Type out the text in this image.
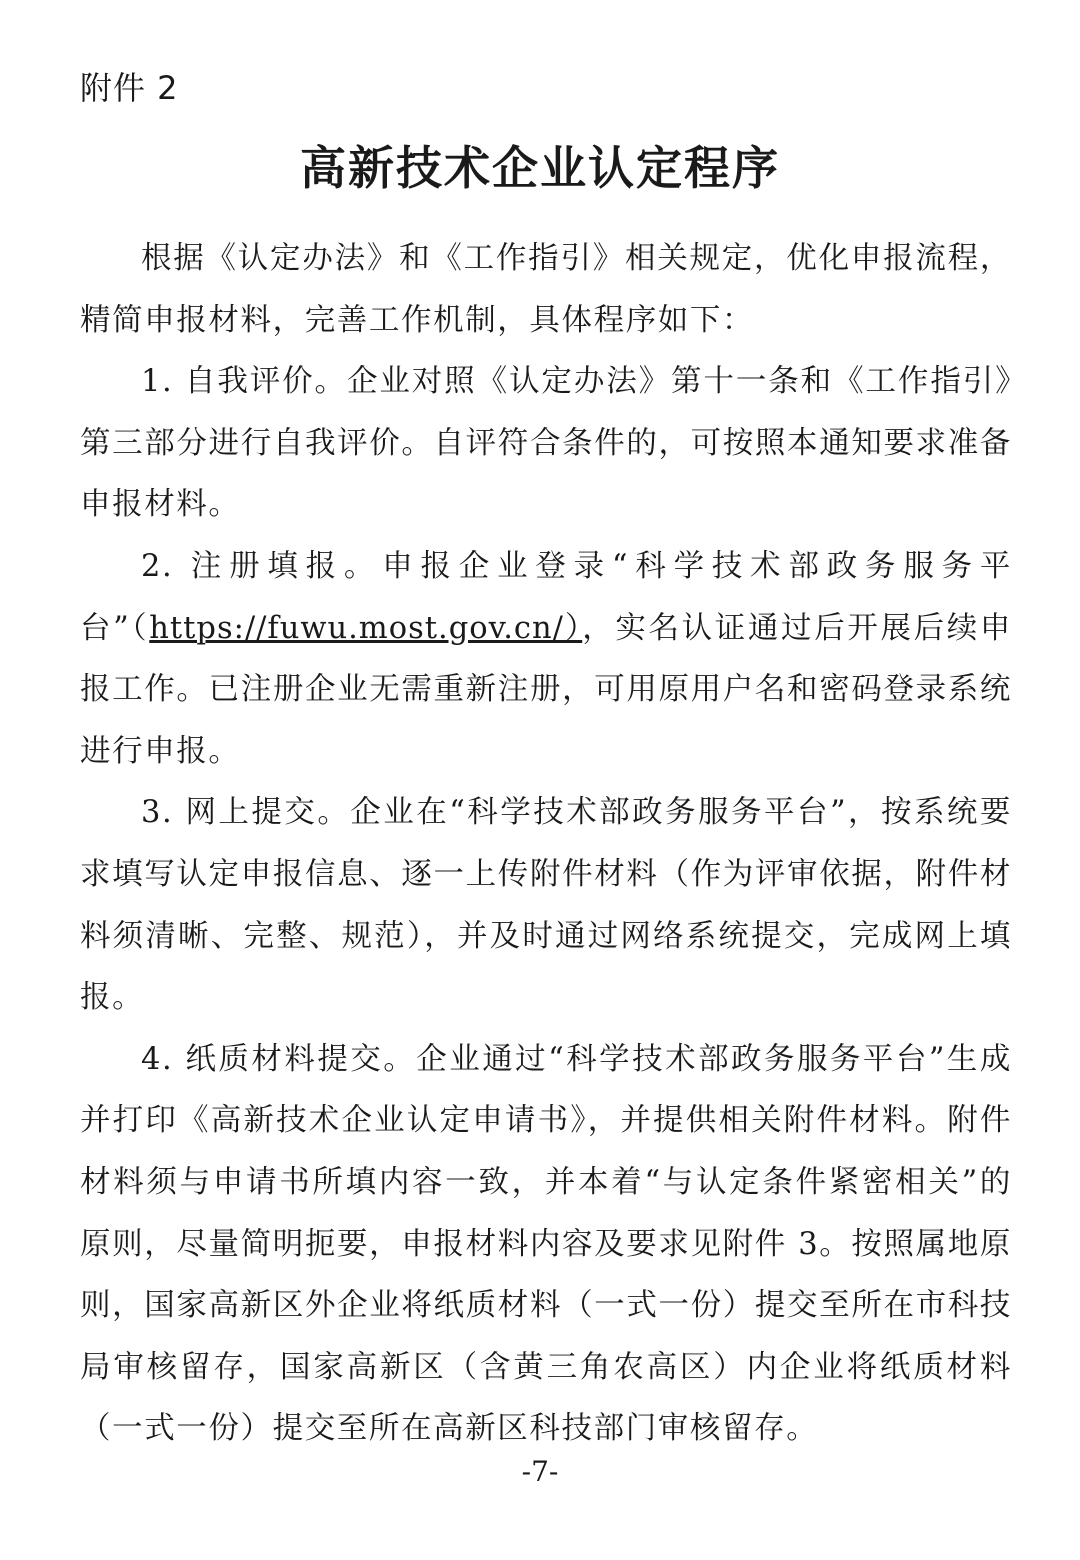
附件 2
高新技术企业认定程序

根据《认定办法》和《工作指引》相关规定，优化申报流程，精简申报材料，完善工作机制，具体程序如下：

1. 自我评价。企业对照《认定办法》第十一条和《工作指引》第三部分进行自我评价。自评符合条件的，可按照本通知要求准备申报材料。

2. 注册填报。申报企业登录“科学技术部政务服务平台”（https://fuwu.most.gov.cn/），实名认证通过后开展后续申报工作。已注册企业无需重新注册，可用原用户名和密码登录系统进行申报。

3. 网上提交。企业在“科学技术部政务服务平台”，按系统要求填写认定申报信息、逐一上传附件材料（作为评审依据，附件材料须清晰、完整、规范），并及时通过网络系统提交，完成网上填报。

4. 纸质材料提交。企业通过“科学技术部政务服务平台”生成并打印《高新技术企业认定申请书》，并提供相关附件材料。附件材料须与申请书所填内容一致，并本着“与认定条件紧密相关”的原则，尽量简明扼要，申报材料内容及要求见附件 3。按照属地原则，国家高新区外企业将纸质材料（一式一份）提交至所在市科技局审核留存，国家高新区（含黄三角农高区）内企业将纸质材料（一式一份）提交至所在高新区科技部门审核留存。

-7-
